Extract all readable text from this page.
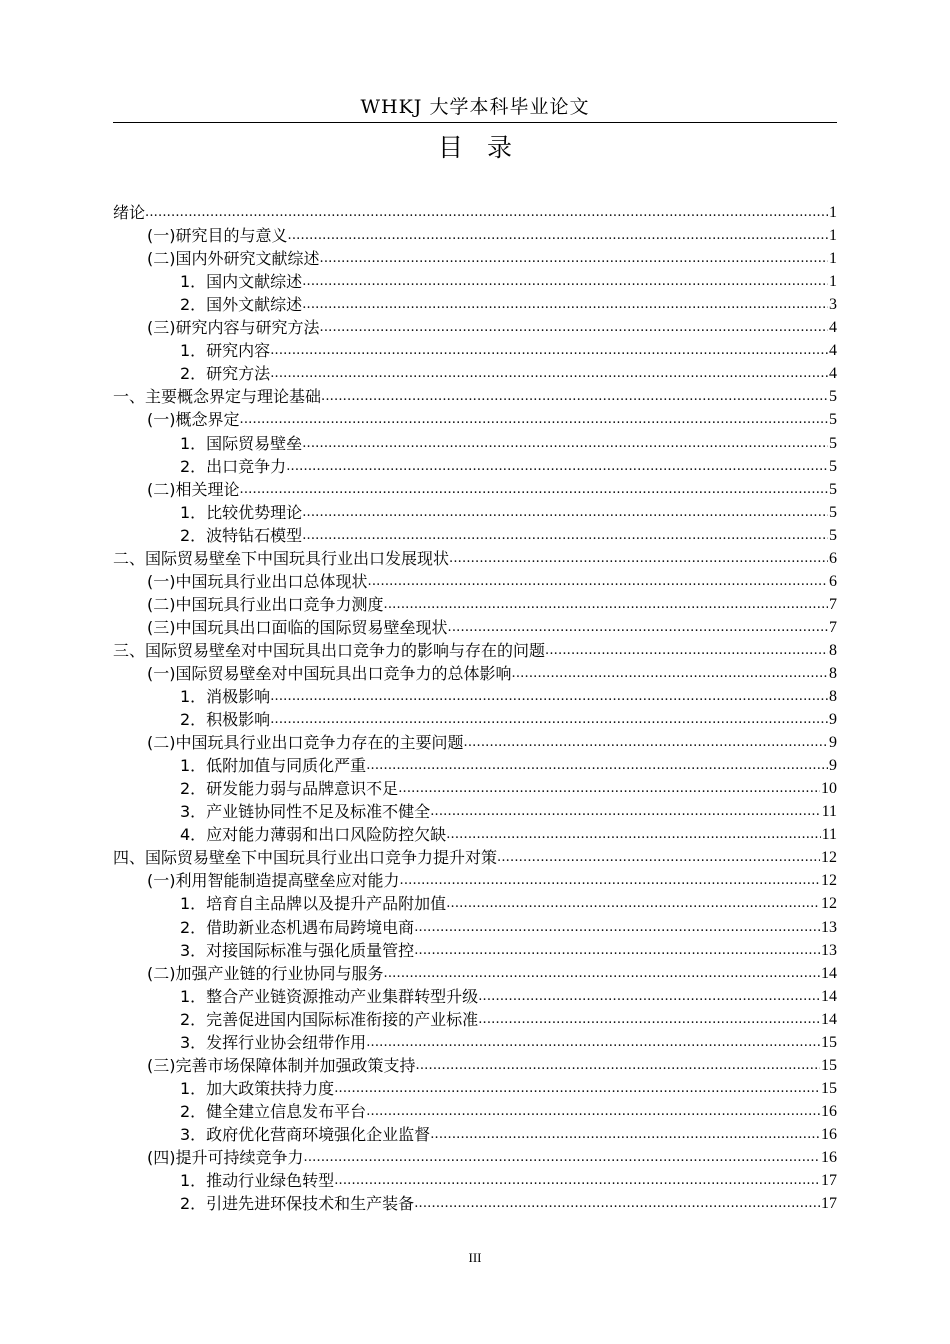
WHKJ 大学本科毕业论文
目录
绪论 .....	1
(一)研究目的与意义 .....	1
(二)国内外研究文献综述 .....	1
1．国内文献综述 .....	1
2．国外文献综述 .....	3
(三)研究内容与研究方法 .....	4
1．研究内容 .....	4
2．研究方法 .....	4
一、主要概念界定与理论基础 .....	5
(一)概念界定 .....	5
1．国际贸易壁垒 .....	5
2．出口竞争力 .....	5
(二)相关理论 .....	5
1．比较优势理论 .....	5
2．波特钻石模型 .....	5
二、国际贸易壁垒下中国玩具行业出口发展现状 .....	6
(一)中国玩具行业出口总体现状 .....	6
(二)中国玩具行业出口竞争力测度 .....	7
(三)中国玩具出口面临的国际贸易壁垒现状 .....	7
三、国际贸易壁垒对中国玩具出口竞争力的影响与存在的问题 .....	8
(一)国际贸易壁垒对中国玩具出口竞争力的总体影响 .....	8
1．消极影响 .....	8
2．积极影响 .....	9
(二)中国玩具行业出口竞争力存在的主要问题 .....	9
1．低附加值与同质化严重 .....	9
2．研发能力弱与品牌意识不足 .....	10
3．产业链协同性不足及标准不健全 .....	11
4．应对能力薄弱和出口风险防控欠缺 .....	11
四、国际贸易壁垒下中国玩具行业出口竞争力提升对策 .....	12
(一)利用智能制造提高壁垒应对能力 .....	12
1．培育自主品牌以及提升产品附加值 .....	12
2．借助新业态机遇布局跨境电商 .....	13
3．对接国际标准与强化质量管控 .....	13
(二)加强产业链的行业协同与服务 .....	14
1．整合产业链资源推动产业集群转型升级 .....	14
2．完善促进国内国际标准衔接的产业标准 .....	14
3．发挥行业协会纽带作用 .....	15
(三)完善市场保障体制并加强政策支持 .....	15
1．加大政策扶持力度 .....	15
2．健全建立信息发布平台 .....	16
3．政府优化营商环境强化企业监督 .....	16
(四)提升可持续竞争力 .....	16
1．推动行业绿色转型 .....	17
2．引进先进环保技术和生产装备 .....	17
III
